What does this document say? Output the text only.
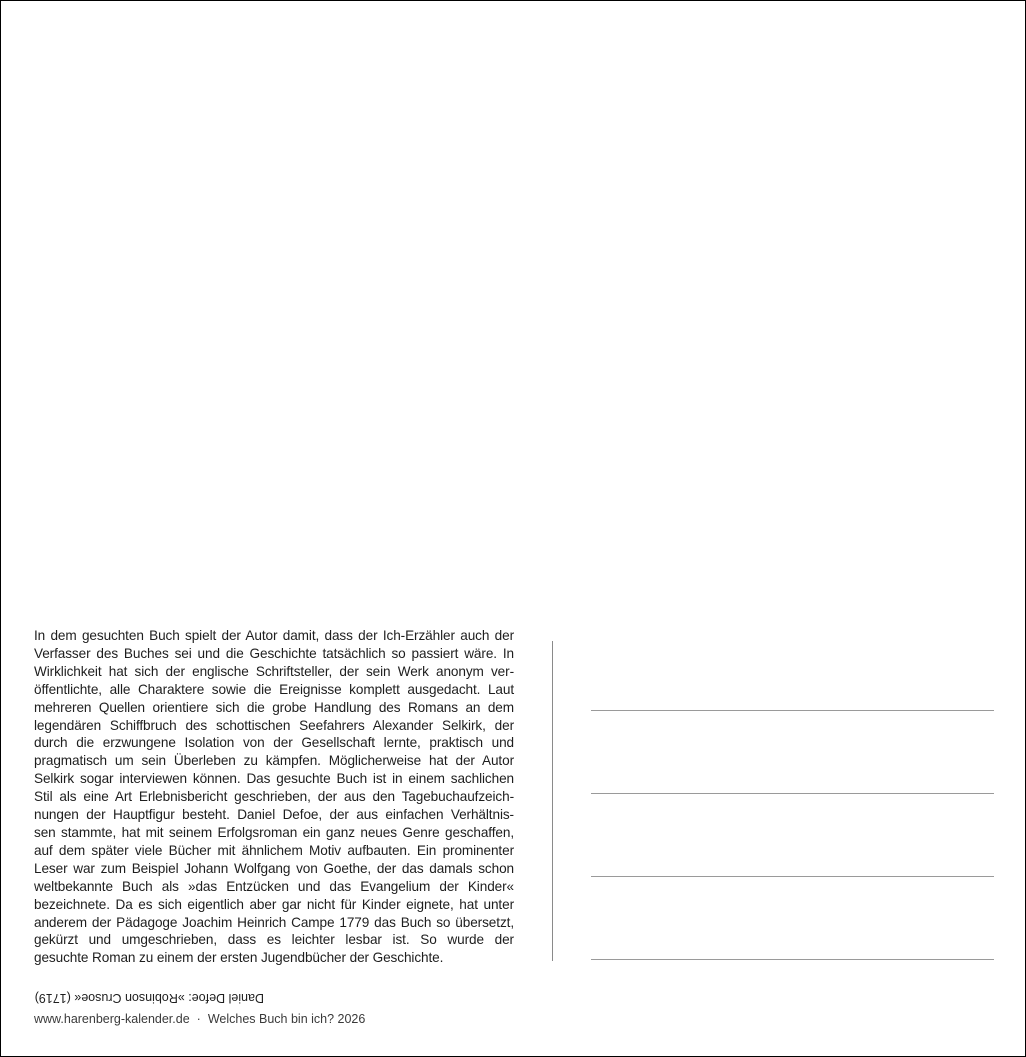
In dem gesuchten Buch spielt der Autor damit, dass der Ich-Erzähler auch der
Verfasser des Buches sei und die Geschichte tatsächlich so passiert wäre. In
Wirklichkeit hat sich der englische Schriftsteller, der sein Werk anonym ver-
öffentlichte, alle Charaktere sowie die Ereignisse komplett ausgedacht. Laut
mehreren Quellen orientiere sich die grobe Handlung des Romans an dem
legendären Schiffbruch des schottischen Seefahrers Alexander Selkirk, der
durch die erzwungene Isolation von der Gesellschaft lernte, praktisch und
pragmatisch um sein Überleben zu kämpfen. Möglicherweise hat der Autor
Selkirk sogar interviewen können. Das gesuchte Buch ist in einem sachlichen
Stil als eine Art Erlebnisbericht geschrieben, der aus den Tagebuchaufzeich-
nungen der Hauptfigur besteht. Daniel Defoe, der aus einfachen Verhältnis-
sen stammte, hat mit seinem Erfolgsroman ein ganz neues Genre geschaffen,
auf dem später viele Bücher mit ähnlichem Motiv aufbauten. Ein prominenter
Leser war zum Beispiel Johann Wolfgang von Goethe, der das damals schon
weltbekannte Buch als »das Entzücken und das Evangelium der Kinder«
bezeichnete. Da es sich eigentlich aber gar nicht für Kinder eignete, hat unter
anderem der Pädagoge Joachim Heinrich Campe 1779 das Buch so übersetzt,
gekürzt und umgeschrieben, dass es leichter lesbar ist. So wurde der
gesuchte Roman zu einem der ersten Jugendbücher der Geschichte.

Daniel Defoe: »Robinson Crusoe« (1719)
www.harenberg-kalender.de · Welches Buch bin ich? 2026
